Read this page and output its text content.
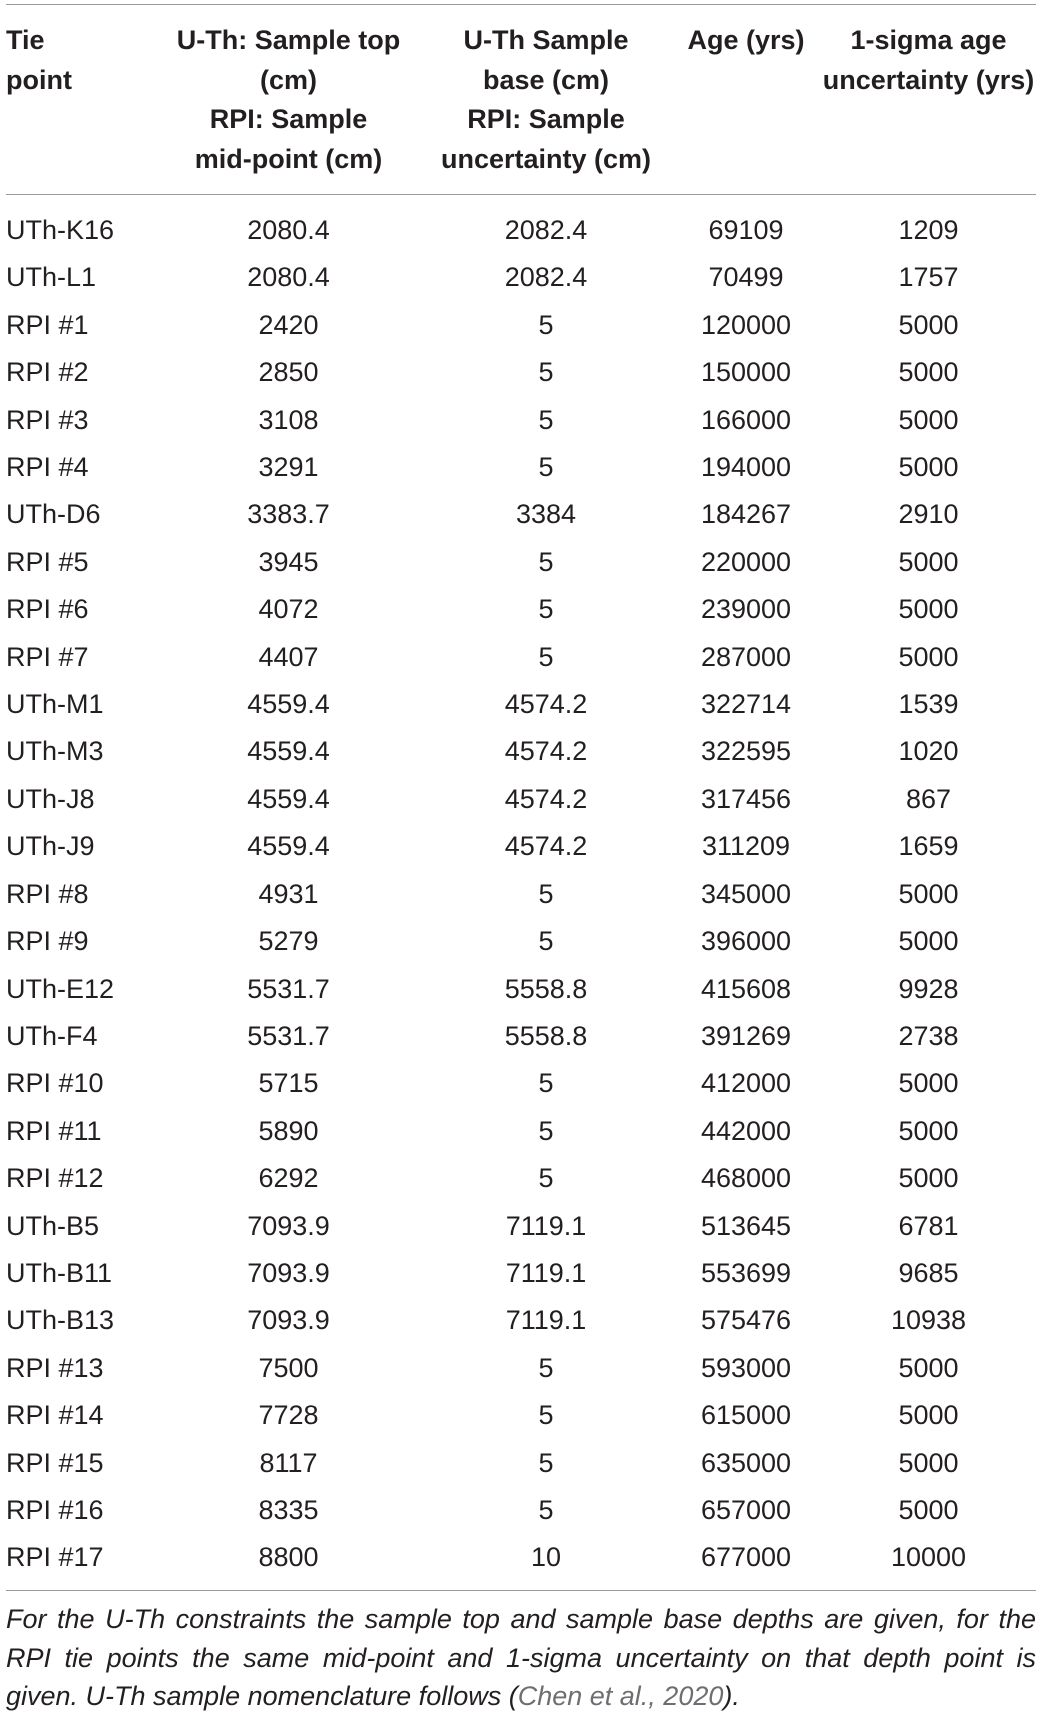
Tie
point	U-Th: Sample top
(cm)
RPI: Sample
mid-point (cm)	U-Th Sample
base (cm)
RPI: Sample
uncertainty (cm)	Age (yrs)	1-sigma age
uncertainty (yrs)

UTh-K16	2080.4	2082.4	69109	1209
UTh-L1	2080.4	2082.4	70499	1757
RPI #1	2420	5	120000	5000
RPI #2	2850	5	150000	5000
RPI #3	3108	5	166000	5000
RPI #4	3291	5	194000	5000
UTh-D6	3383.7	3384	184267	2910
RPI #5	3945	5	220000	5000
RPI #6	4072	5	239000	5000
RPI #7	4407	5	287000	5000
UTh-M1	4559.4	4574.2	322714	1539
UTh-M3	4559.4	4574.2	322595	1020
UTh-J8	4559.4	4574.2	317456	867
UTh-J9	4559.4	4574.2	311209	1659
RPI #8	4931	5	345000	5000
RPI #9	5279	5	396000	5000
UTh-E12	5531.7	5558.8	415608	9928
UTh-F4	5531.7	5558.8	391269	2738
RPI #10	5715	5	412000	5000
RPI #11	5890	5	442000	5000
RPI #12	6292	5	468000	5000
UTh-B5	7093.9	7119.1	513645	6781
UTh-B11	7093.9	7119.1	553699	9685
UTh-B13	7093.9	7119.1	575476	10938
RPI #13	7500	5	593000	5000
RPI #14	7728	5	615000	5000
RPI #15	8117	5	635000	5000
RPI #16	8335	5	657000	5000
RPI #17	8800	10	677000	10000
For the U-Th constraints the sample top and sample base depths are given, for the RPI tie points the same mid-point and 1-sigma uncertainty on that depth point is given. U-Th sample nomenclature follows (Chen et al., 2020).
